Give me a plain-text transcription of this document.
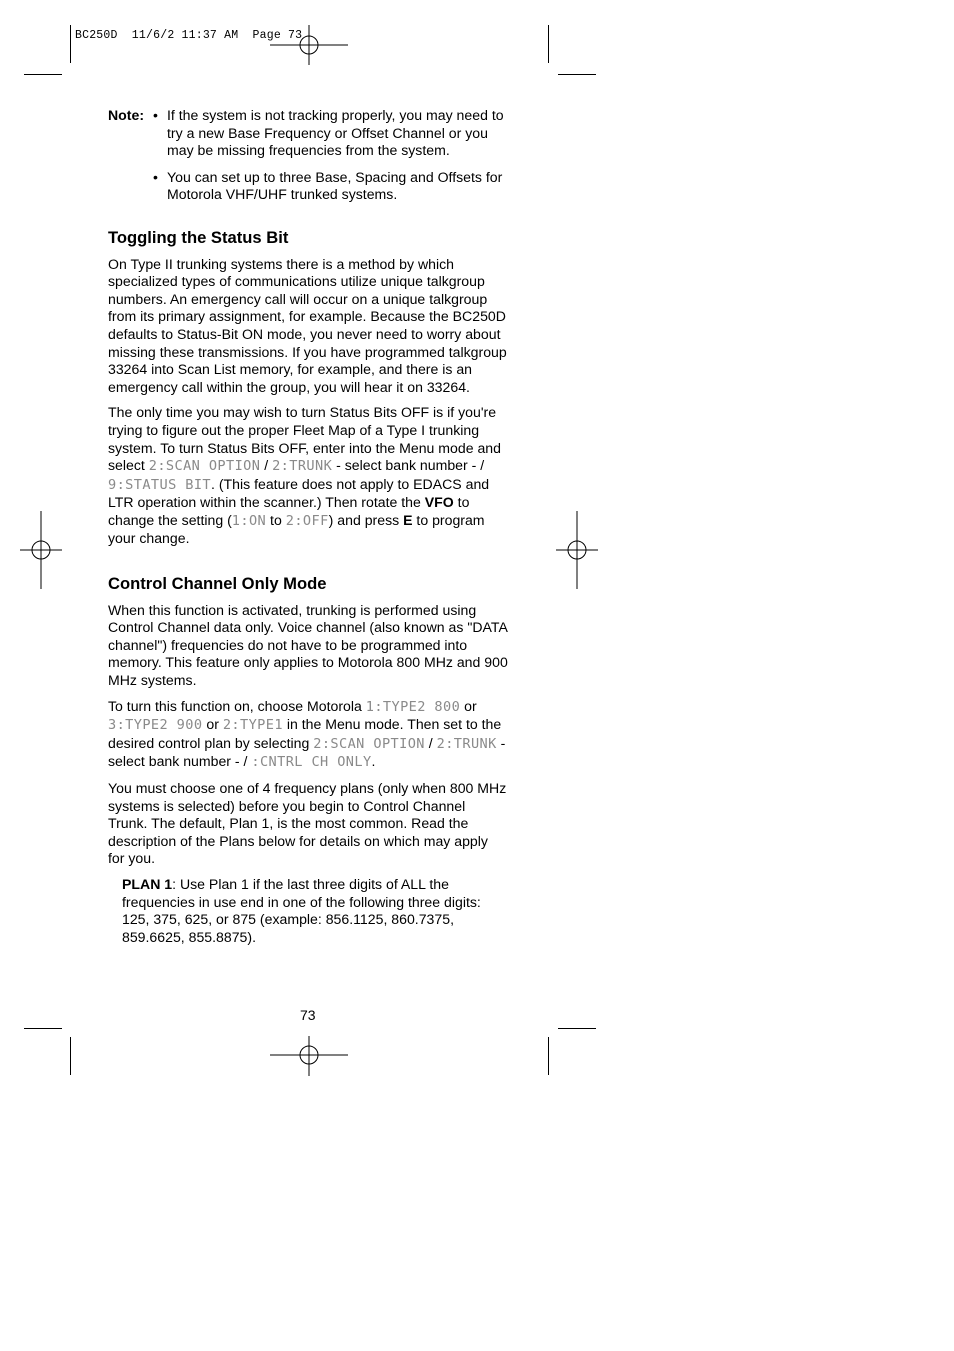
BC250D  11/6/2 11:37 AM  Page 73
Note: • If the system is not tracking properly, you may need to try a new Base Frequency or Offset Channel or you may be missing frequencies from the system.
• You can set up to three Base, Spacing and Offsets for Motorola VHF/UHF trunked systems.
Toggling the Status Bit

On Type II trunking systems there is a method by which specialized types of communications utilize unique talkgroup numbers. An emergency call will occur on a unique talkgroup from its primary assignment, for example. Because the BC250D defaults to Status-Bit ON mode, you never need to worry about missing these transmissions. If you have programmed talkgroup 33264 into Scan List memory, for example, and there is an emergency call within the group, you will hear it on 33264.

The only time you may wish to turn Status Bits OFF is if you're trying to figure out the proper Fleet Map of a Type I trunking system. To turn Status Bits OFF, enter into the Menu mode and select 2:SCAN OPTION / 2:TRUNK - select bank number - / 9:STATUS BIT. (This feature does not apply to EDACS and LTR operation within the scanner.) Then rotate the VFO to change the setting (1:ON to 2:OFF) and press E to program your change.

Control Channel Only Mode

When this function is activated, trunking is performed using Control Channel data only. Voice channel (also known as "DATA channel") frequencies do not have to be programmed into memory. This feature only applies to Motorola 800 MHz and 900 MHz systems.

To turn this function on, choose Motorola 1:TYPE2 800 or 3:TYPE2 900 or 2:TYPE1 in the Menu mode. Then set to the desired control plan by selecting 2:SCAN OPTION / 2:TRUNK - select bank number - / :CNTRL CH ONLY.

You must choose one of 4 frequency plans (only when 800 MHz systems is selected) before you begin to Control Channel Trunk. The default, Plan 1, is the most common. Read the description of the Plans below for details on which may apply for you.

PLAN 1: Use Plan 1 if the last three digits of ALL the frequencies in use end in one of the following three digits: 125, 375, 625, or 875 (example: 856.1125, 860.7375, 859.6625, 855.8875).

73
